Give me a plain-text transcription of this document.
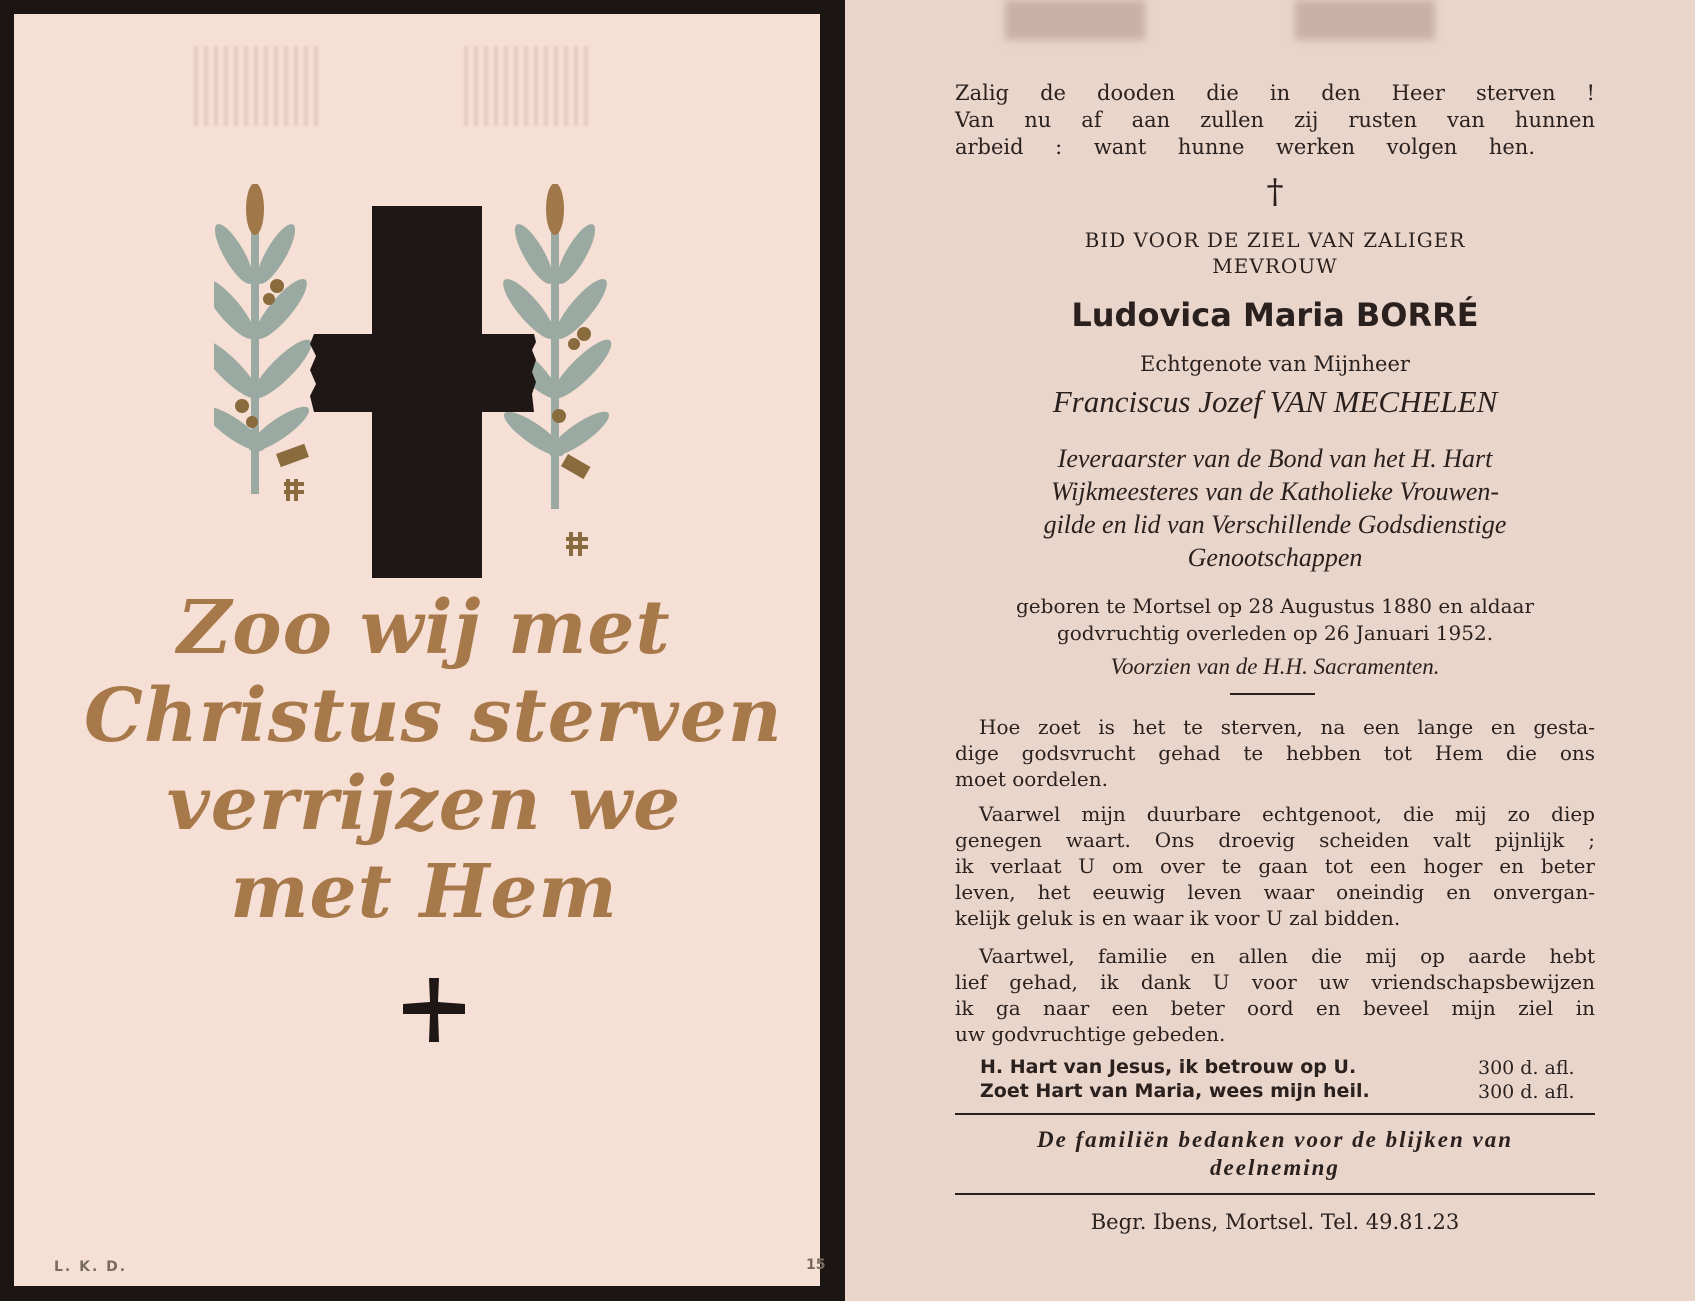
Zoo wij met
Christus sterven
verrijzen we
met Hem
L. K. D.	15
Zalig de dooden die in den Heer sterven !
Van nu af aan zullen zij rusten van hunnen
arbeid : want hunne werken volgen hen.
†
BID VOOR DE ZIEL VAN ZALIGER
MEVROUW
Ludovica Maria BORRÉ
Echtgenote van Mijnheer
Franciscus Jozef VAN MECHELEN
Ieveraarster van de Bond van het H. Hart
Wijkmeesteres van de Katholieke Vrouwen-
gilde en lid van Verschillende Godsdienstige
Genootschappen
geboren te Mortsel op 28 Augustus 1880 en aldaar
godvruchtig overleden op 26 Januari 1952.
Voorzien van de H.H. Sacramenten.
Hoe zoet is het te sterven, na een lange en gesta-
dige godsvrucht gehad te hebben tot Hem die ons
moet oordelen.
Vaarwel mijn duurbare echtgenoot, die mij zo diep
genegen waart. Ons droevig scheiden valt pijnlijk ;
ik verlaat U om over te gaan tot een hoger en beter
leven, het eeuwig leven waar oneindig en onvergan-
kelijk geluk is en waar ik voor U zal bidden.
Vaartwel, familie en allen die mij op aarde hebt
lief gehad, ik dank U voor uw vriendschapsbewijzen
ik ga naar een beter oord en beveel mijn ziel in
uw godvruchtige gebeden.
H. Hart van Jesus, ik betrouw op U.	300 d. afl.
Zoet Hart van Maria, wees mijn heil.	300 d. afl.
De familiën bedanken voor de blijken van
deelneming
Begr. Ibens, Mortsel. Tel. 49.81.23
